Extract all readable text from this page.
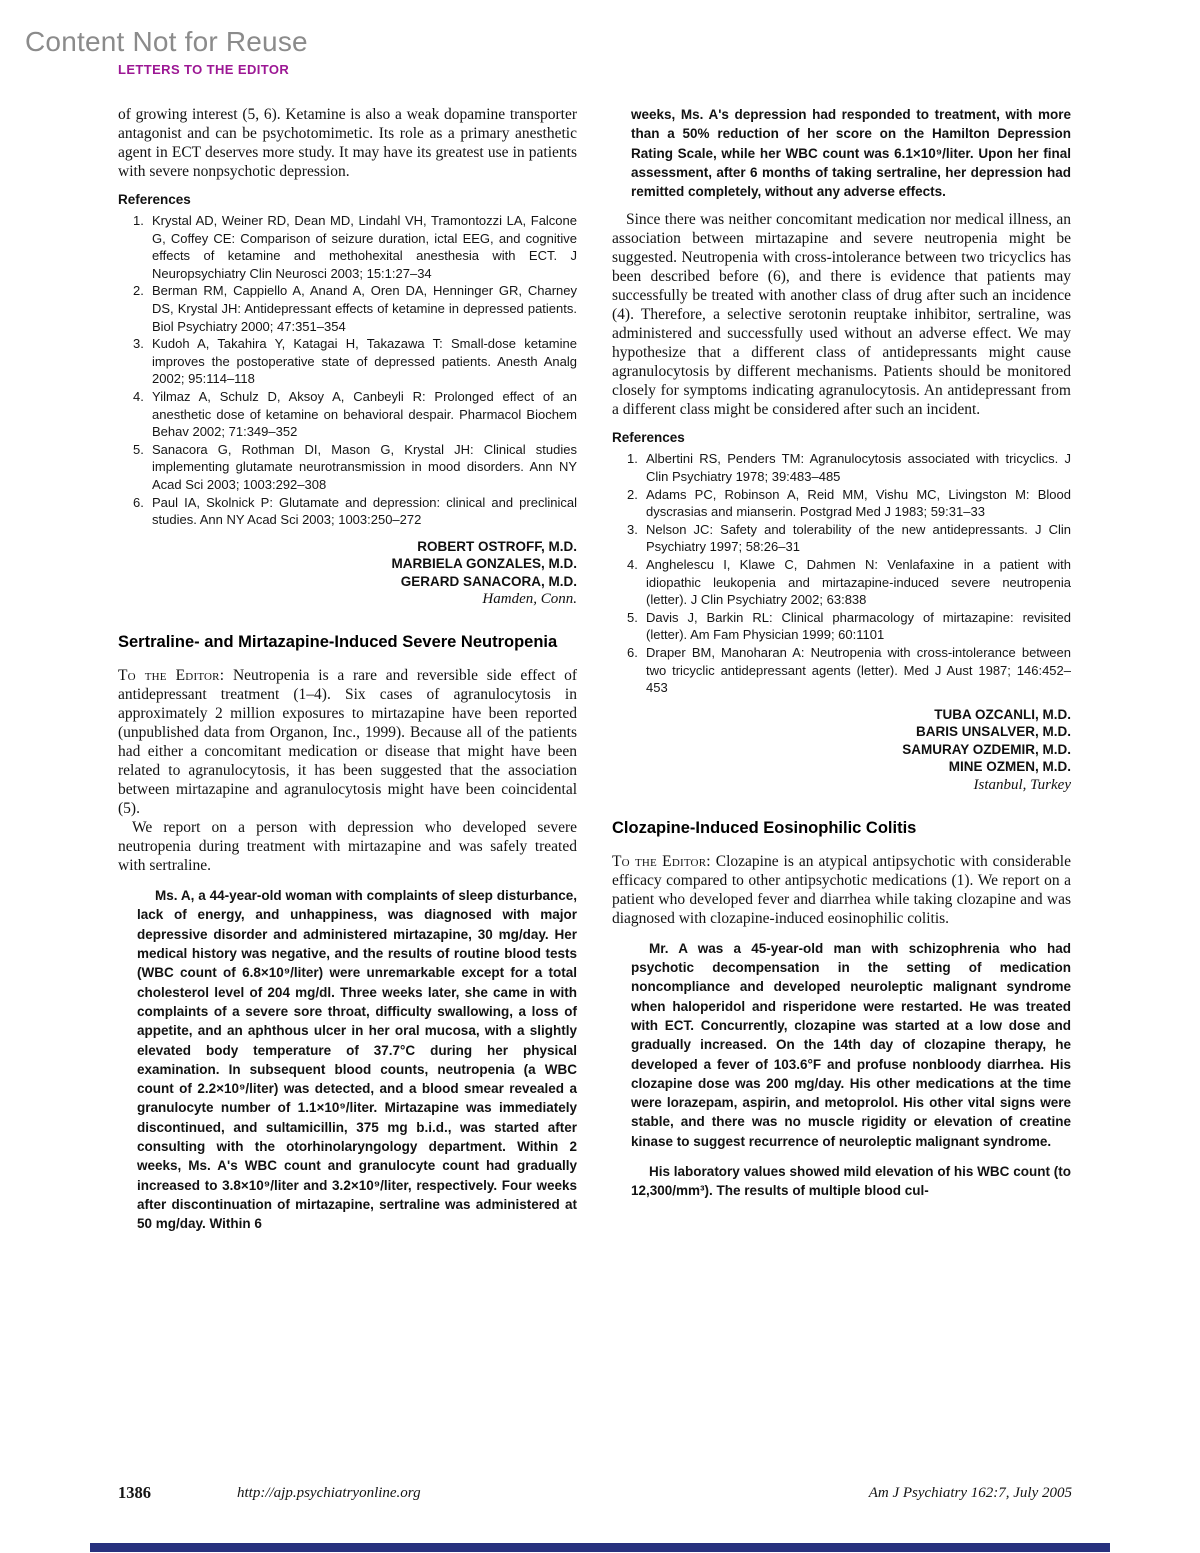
Content Not for Reuse
LETTERS TO THE EDITOR

of growing interest (5, 6). Ketamine is also a weak dopamine transporter antagonist and can be psychotomimetic. Its role as a primary anesthetic agent in ECT deserves more study. It may have its greatest use in patients with severe nonpsychotic depression.

References
Krystal AD, Weiner RD, Dean MD, Lindahl VH, Tramontozzi LA, Falcone G, Coffey CE: Comparison of seizure duration, ictal EEG, and cognitive effects of ketamine and methohexital anesthesia with ECT. J Neuropsychiatry Clin Neurosci 2003; 15:1:27–34
Berman RM, Cappiello A, Anand A, Oren DA, Henninger GR, Charney DS, Krystal JH: Antidepressant effects of ketamine in depressed patients. Biol Psychiatry 2000; 47:351–354
Kudoh A, Takahira Y, Katagai H, Takazawa T: Small-dose ketamine improves the postoperative state of depressed patients. Anesth Analg 2002; 95:114–118
Yilmaz A, Schulz D, Aksoy A, Canbeyli R: Prolonged effect of an anesthetic dose of ketamine on behavioral despair. Pharmacol Biochem Behav 2002; 71:349–352
Sanacora G, Rothman DI, Mason G, Krystal JH: Clinical studies implementing glutamate neurotransmission in mood disorders. Ann NY Acad Sci 2003; 1003:292–308
Paul IA, Skolnick P: Glutamate and depression: clinical and preclinical studies. Ann NY Acad Sci 2003; 1003:250–272
ROBERT OSTROFF, M.D.
MARBIELA GONZALES, M.D.
GERARD SANACORA, M.D.
Hamden, Conn.
Sertraline- and Mirtazapine-Induced Severe Neutropenia

To the Editor: Neutropenia is a rare and reversible side effect of antidepressant treatment (1–4). Six cases of agranulocytosis in approximately 2 million exposures to mirtazapine have been reported (unpublished data from Organon, Inc., 1999). Because all of the patients had either a concomitant medication or disease that might have been related to agranulocytosis, it has been suggested that the association between mirtazapine and agranulocytosis might have been coincidental (5).

We report on a person with depression who developed severe neutropenia during treatment with mirtazapine and was safely treated with sertraline.

Ms. A, a 44-year-old woman with complaints of sleep disturbance, lack of energy, and unhappiness, was diagnosed with major depressive disorder and administered mirtazapine, 30 mg/day. Her medical history was negative, and the results of routine blood tests (WBC count of 6.8×10⁹/liter) were unremarkable except for a total cholesterol level of 204 mg/dl. Three weeks later, she came in with complaints of a severe sore throat, difficulty swallowing, a loss of appetite, and an aphthous ulcer in her oral mucosa, with a slightly elevated body temperature of 37.7°C during her physical examination. In subsequent blood counts, neutropenia (a WBC count of 2.2×10⁹/liter) was detected, and a blood smear revealed a granulocyte number of 1.1×10⁹/liter. Mirtazapine was immediately discontinued, and sultamicillin, 375 mg b.i.d., was started after consulting with the otorhinolaryngology department. Within 2 weeks, Ms. A's WBC count and granulocyte count had gradually increased to 3.8×10⁹/liter and 3.2×10⁹/liter, respectively. Four weeks after discontinuation of mirtazapine, sertraline was administered at 50 mg/day. Within 6

weeks, Ms. A's depression had responded to treatment, with more than a 50% reduction of her score on the Hamilton Depression Rating Scale, while her WBC count was 6.1×10⁹/liter. Upon her final assessment, after 6 months of taking sertraline, her depression had remitted completely, without any adverse effects.

Since there was neither concomitant medication nor medical illness, an association between mirtazapine and severe neutropenia might be suggested. Neutropenia with cross-intolerance between two tricyclics has been described before (6), and there is evidence that patients may successfully be treated with another class of drug after such an incidence (4). Therefore, a selective serotonin reuptake inhibitor, sertraline, was administered and successfully used without an adverse effect. We may hypothesize that a different class of antidepressants might cause agranulocytosis by different mechanisms. Patients should be monitored closely for symptoms indicating agranulocytosis. An antidepressant from a different class might be considered after such an incident.

References
Albertini RS, Penders TM: Agranulocytosis associated with tricyclics. J Clin Psychiatry 1978; 39:483–485
Adams PC, Robinson A, Reid MM, Vishu MC, Livingston M: Blood dyscrasias and mianserin. Postgrad Med J 1983; 59:31–33
Nelson JC: Safety and tolerability of the new antidepressants. J Clin Psychiatry 1997; 58:26–31
Anghelescu I, Klawe C, Dahmen N: Venlafaxine in a patient with idiopathic leukopenia and mirtazapine-induced severe neutropenia (letter). J Clin Psychiatry 2002; 63:838
Davis J, Barkin RL: Clinical pharmacology of mirtazapine: revisited (letter). Am Fam Physician 1999; 60:1101
Draper BM, Manoharan A: Neutropenia with cross-intolerance between two tricyclic antidepressant agents (letter). Med J Aust 1987; 146:452–453
TUBA OZCANLI, M.D.
BARIS UNSALVER, M.D.
SAMURAY OZDEMIR, M.D.
MINE OZMEN, M.D.
Istanbul, Turkey
Clozapine-Induced Eosinophilic Colitis

To the Editor: Clozapine is an atypical antipsychotic with considerable efficacy compared to other antipsychotic medications (1). We report on a patient who developed fever and diarrhea while taking clozapine and was diagnosed with clozapine-induced eosinophilic colitis.

Mr. A was a 45-year-old man with schizophrenia who had psychotic decompensation in the setting of medication noncompliance and developed neuroleptic malignant syndrome when haloperidol and risperidone were restarted. He was treated with ECT. Concurrently, clozapine was started at a low dose and gradually increased. On the 14th day of clozapine therapy, he developed a fever of 103.6°F and profuse nonbloody diarrhea. His clozapine dose was 200 mg/day. His other medications at the time were lorazepam, aspirin, and metoprolol. His other vital signs were stable, and there was no muscle rigidity or elevation of creatine kinase to suggest recurrence of neuroleptic malignant syndrome.

His laboratory values showed mild elevation of his WBC count (to 12,300/mm³). The results of multiple blood cul-

1386	http://ajp.psychiatryonline.org	Am J Psychiatry 162:7, July 2005
